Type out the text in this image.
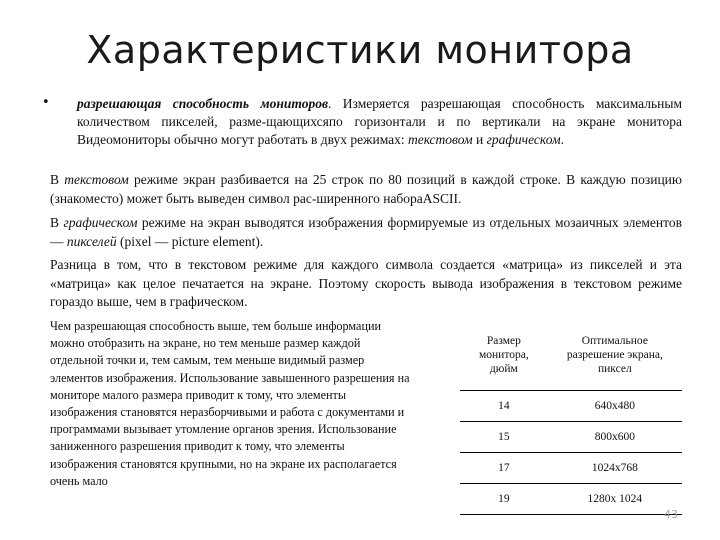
Характеристики монитора
• разрешающая способность мониторов. Измеряется разрешающая способность максимальным количеством пикселей, разме-щающихсяпо горизонтали и по вертикали на экране монитора Видеомониторы обычно могут работать в двух режимах: текстовом и графическом.
В текстовом режиме экран разбивается на 25 строк по 80 позиций в каждой строке. В каждую позицию (знакоместо) может быть выведен символ рас-ширенного набораASCII.
В графическом режиме на экран выводятся изображения формируемые из отдельных мозаичных элементов — пикселей (pixel — picture element).
Разница в том, что в текстовом режиме для каждого символа создается «матрица» из пикселей и эта «матрица» как целое печатается на экране. Поэтому скорость вывода изображения в текстовом режиме гораздо выше, чем в графическом.
Чем разрешающая способность выше, тем больше информации можно отобразить на экране, но тем меньше размер каждой отдельной точки и, тем самым, тем меньше видимый размер элементов изображения. Использование завышенного разрешения на мониторе малого размера приводит к тому, что элементы изображения становятся неразборчивыми и работа с документами и программами вызывает утомление органов зрения. Использование заниженного разрешения приводит к тому, что элементы изображения становятся крупными, но на экране их располагается очень мало
Размер монитора, дюйм	Оптимальное разрешение экрана, пиксел
14	640х480
15	800х600
17	1024х768
19	1280х 1024
43
